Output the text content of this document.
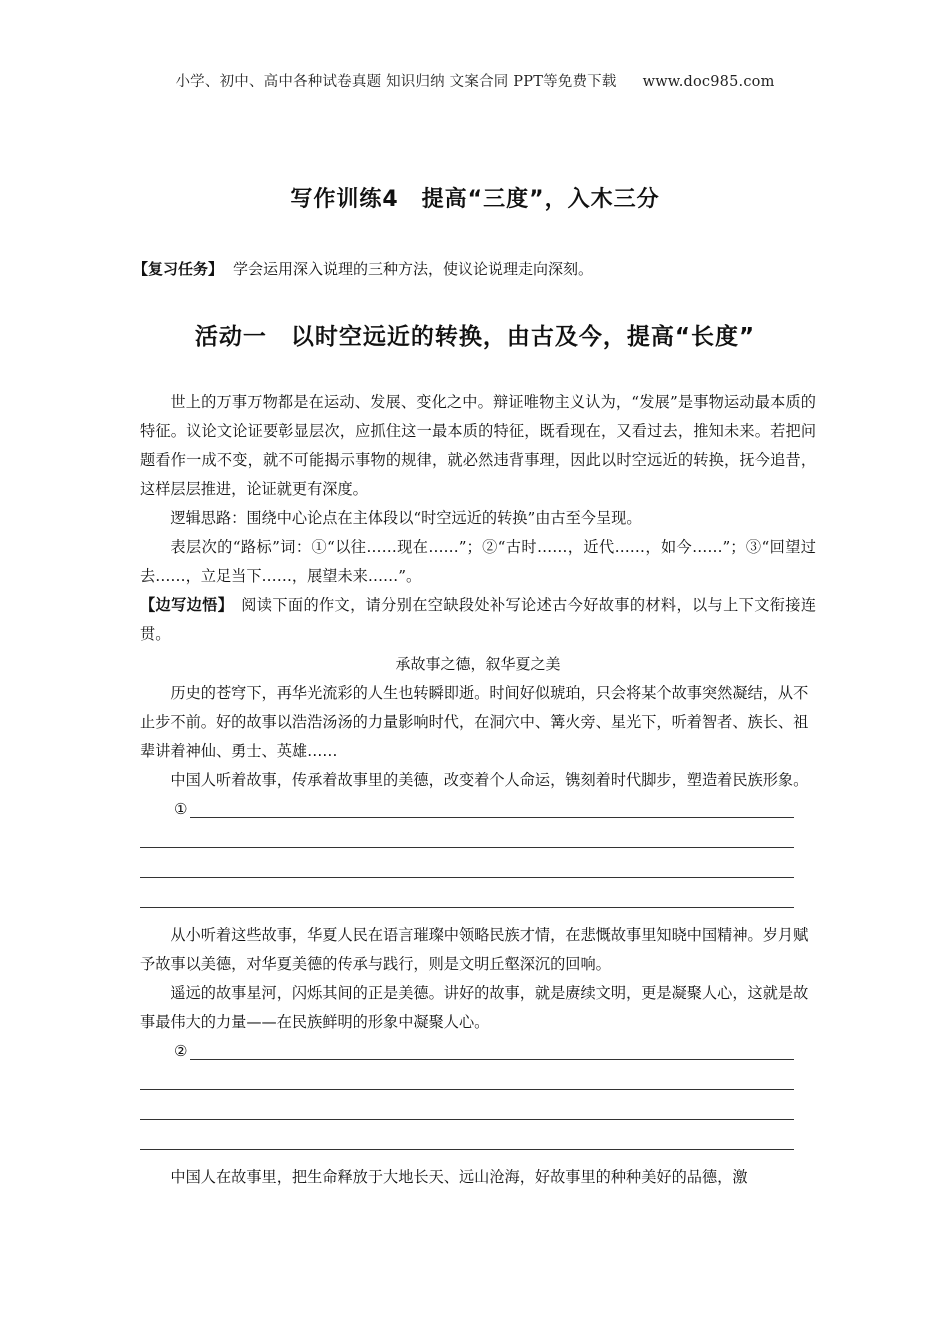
小学、初中、高中各种试卷真题 知识归纳 文案合同 PPT等免费下载 www.doc985.com
写作训练4　提高“三度”，入木三分
【复习任务】 学会运用深入说理的三种方法，使议论说理走向深刻。
活动一　以时空远近的转换，由古及今，提高“长度”

世上的万事万物都是在运动、发展、变化之中。辩证唯物主义认为，“发展”是事物运动最本质的特征。议论文论证要彰显层次，应抓住这一最本质的特征，既看现在，又看过去，推知未来。若把问题看作一成不变，就不可能揭示事物的规律，就必然违背事理，因此以时空远近的转换，抚今追昔，这样层层推进，论证就更有深度。

逻辑思路：围绕中心论点在主体段以“时空远近的转换”由古至今呈现。

表层次的“路标”词：①“以往……现在……”；②“古时……，近代……，如今……”；③“回望过去……，立足当下……，展望未来……”。

【边写边悟】 阅读下面的作文，请分别在空缺段处补写论述古今好故事的材料，以与上下文衔接连贯。

承故事之德，叙华夏之美

历史的苍穹下，再华光流彩的人生也转瞬即逝。时间好似琥珀，只会将某个故事突然凝结，从不止步不前。好的故事以浩浩汤汤的力量影响时代，在洞穴中、篝火旁、星光下，听着智者、族长、祖辈讲着神仙、勇士、英雄……

中国人听着故事，传承着故事里的美德，改变着个人命运，镌刻着时代脚步，塑造着民族形象。

①

从小听着这些故事，华夏人民在语言璀璨中领略民族才情，在悲慨故事里知晓中国精神。岁月赋予故事以美德，对华夏美德的传承与践行，则是文明丘壑深沉的回响。

遥远的故事星河，闪烁其间的正是美德。讲好的故事，就是赓续文明，更是凝聚人心，这就是故事最伟大的力量——在民族鲜明的形象中凝聚人心。

②

中国人在故事里，把生命释放于大地长天、远山沧海，好故事里的种种美好的品德，激
